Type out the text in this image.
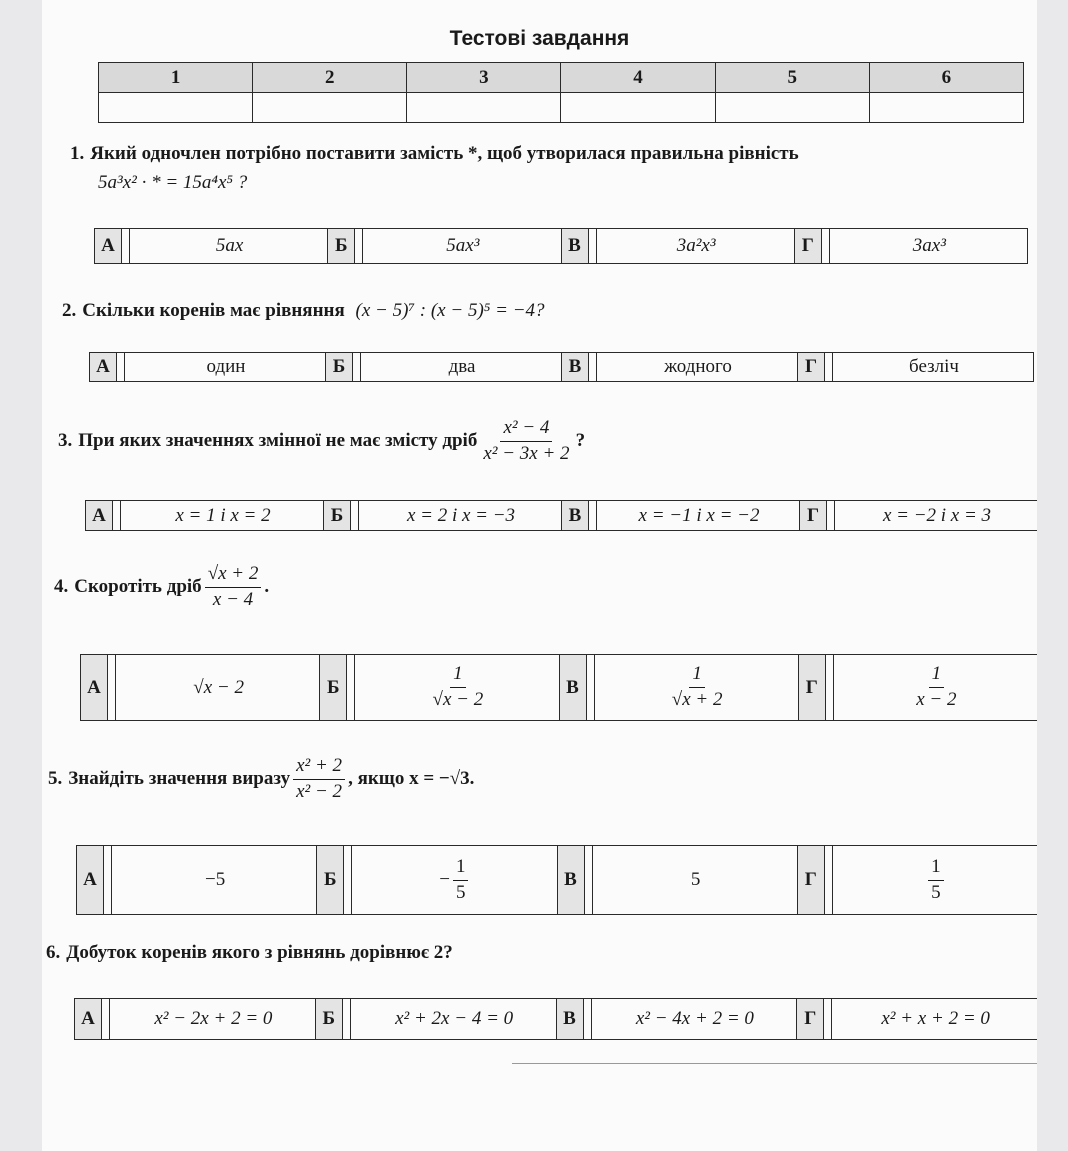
Тестові завдання
1	2	3	4	5	6

1. Який одночлен потрібно поставити замість *, щоб утворилася правильна рівність
5a³x² · * = 15a⁴x⁵ ?
А	5ax	Б	5ax³	В	3a²x³	Г	3ax³
2. Скільки коренів має рівняння (x − 5)⁷ : (x − 5)⁵ = −4?
А	один	Б	два	В	жодного	Г	безліч
3. При яких значеннях змінної не має змісту дріб $\frac{\text{x² − 4}}{\text{x² − 3x + 2}}$ ?
А	x = 1 і x = 2	Б	x = 2 і x = −3	В	x = −1 і x = −2	Г	x = −2 і x = 3
4. Скоротіть дріб $\frac{√x + 2}{x - 4}$ .
А	√x − 2	Б	$\frac{1}{√x - 2}$	В	$\frac{1}{√x + 2}$	Г	$\frac{1}{x - 2}$
5. Знайдіть значення виразу $\frac{\text{x² + 2}}{\text{x² − 2}}$ , якщо x = −√3.
А	−5	Б	− $\frac{1}{5}$	В	5	Г	$\frac{1}{5}$
6. Добуток коренів якого з рівнянь дорівнює 2?
А	x² − 2x + 2 = 0	Б	x² + 2x − 4 = 0	В	x² − 4x + 2 = 0	Г	x² + x + 2 = 0
